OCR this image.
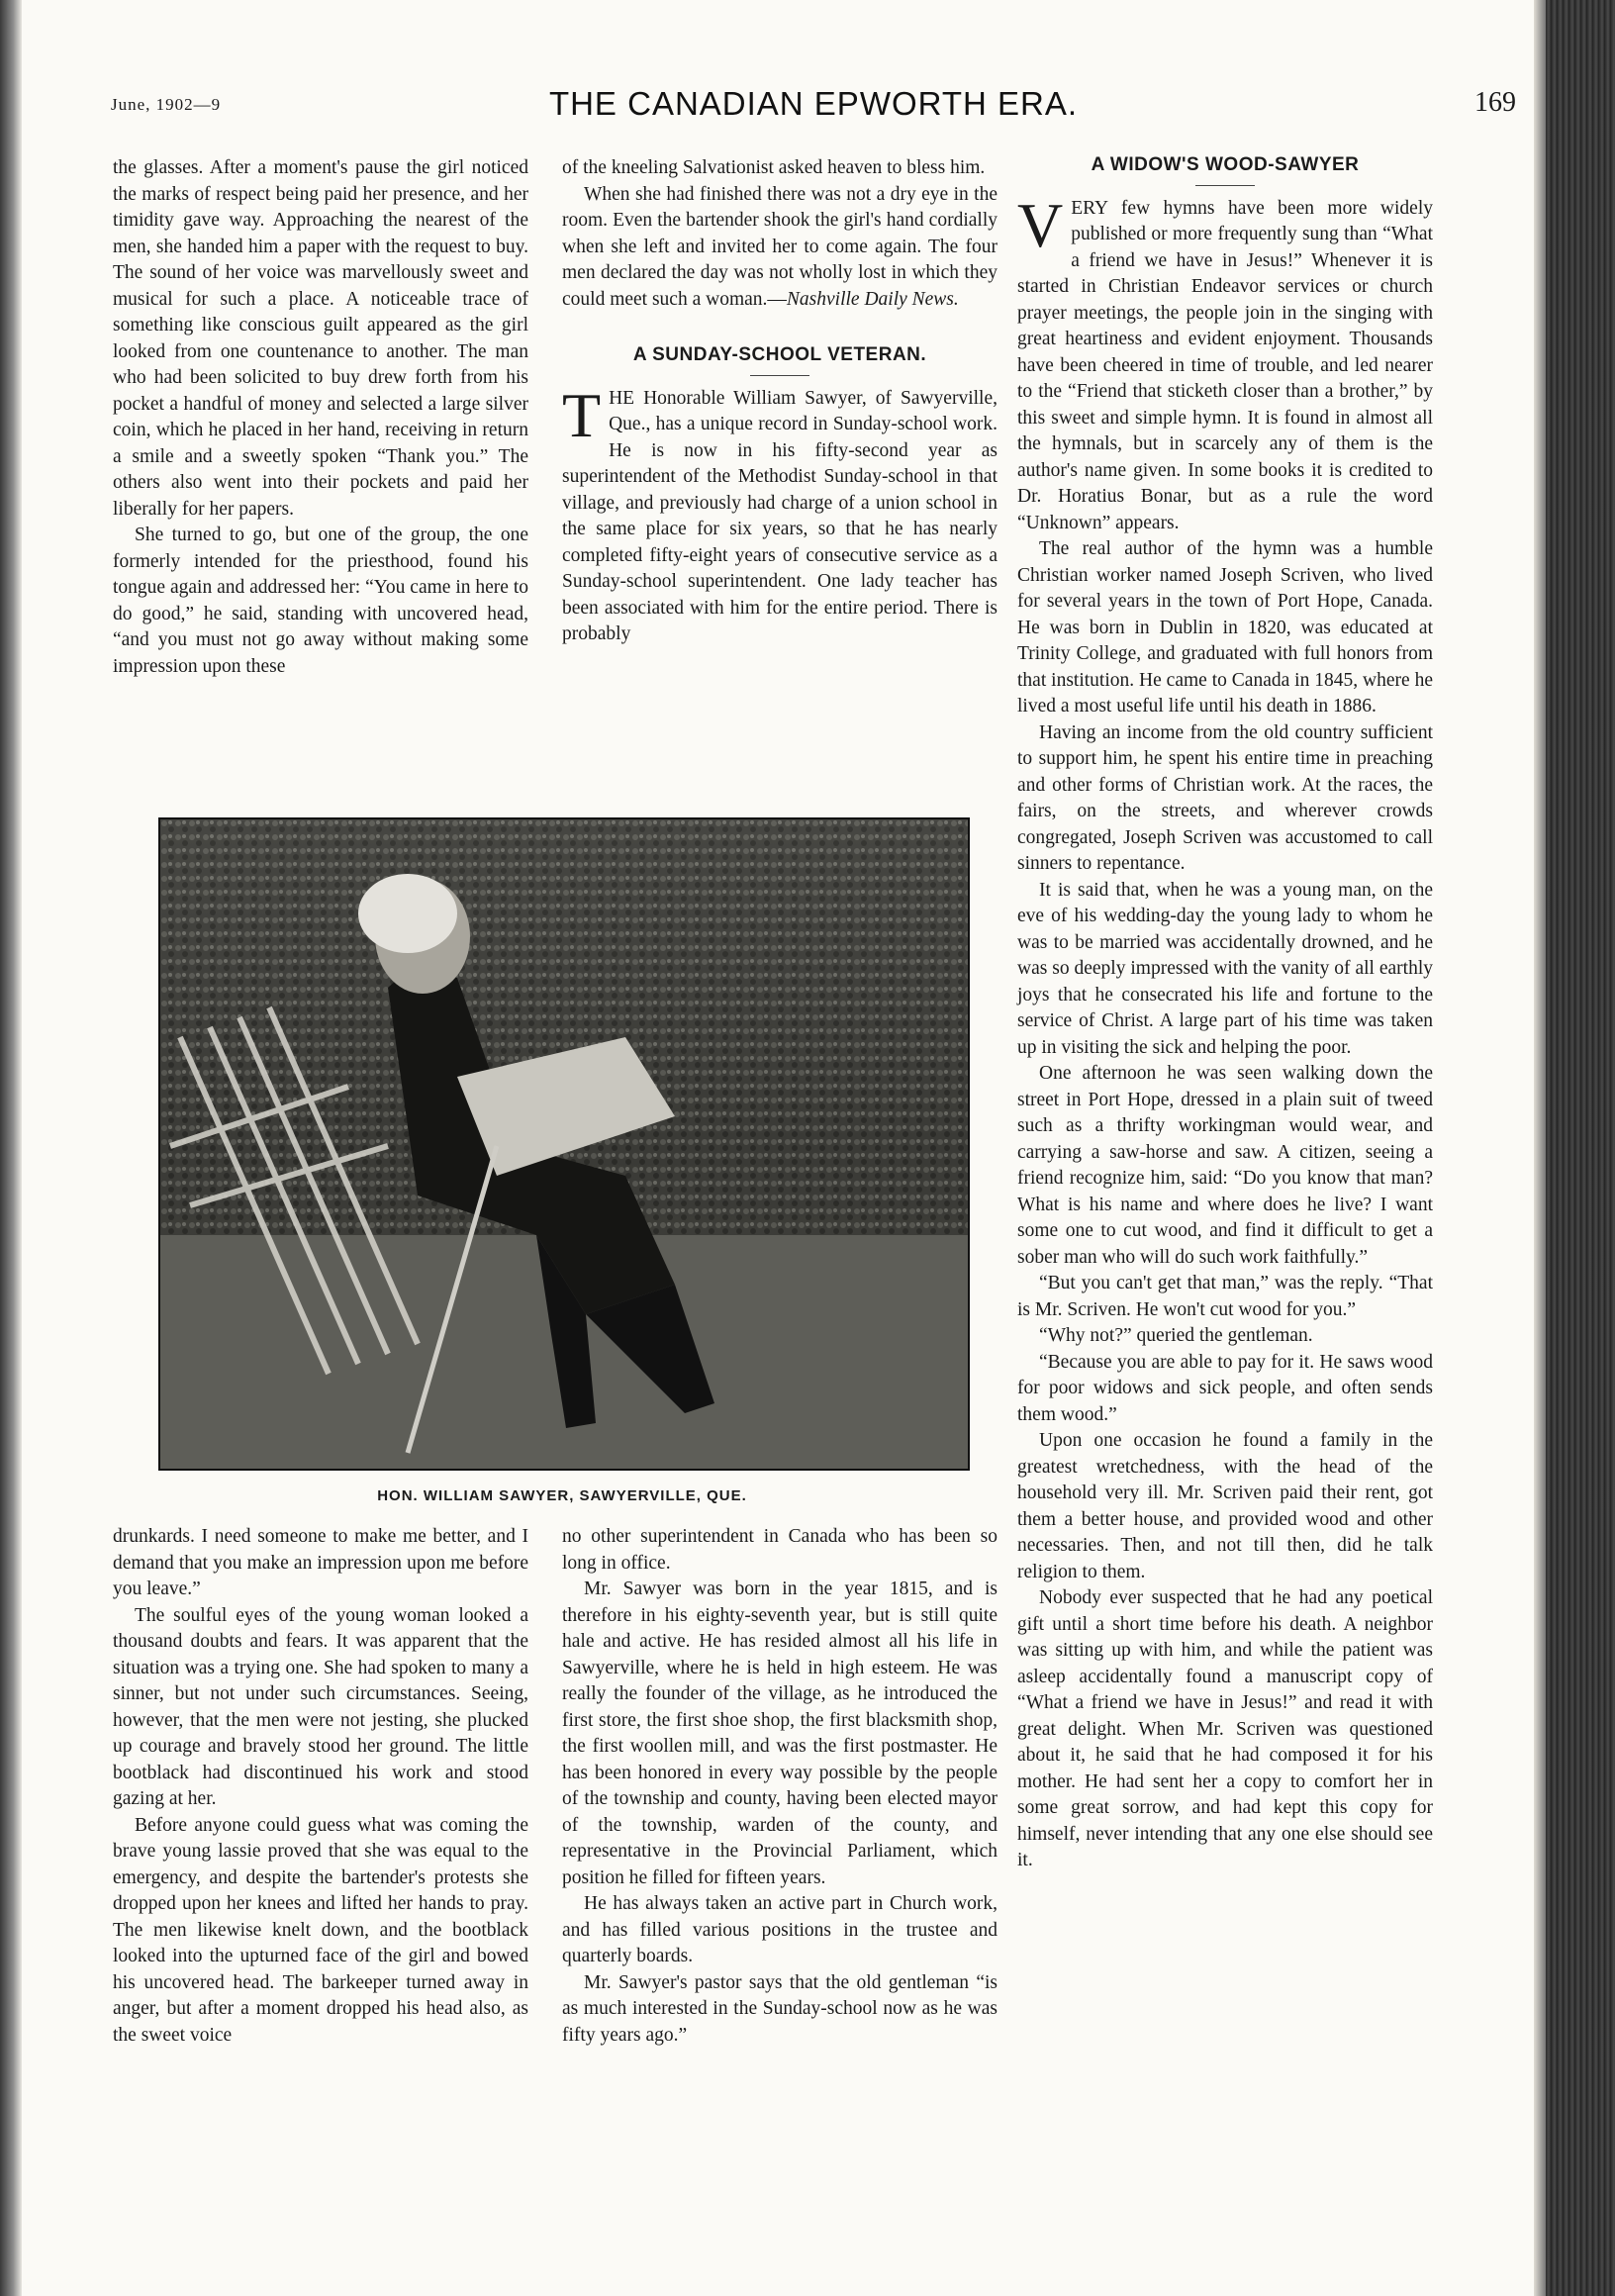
June, 1902—9	THE CANADIAN EPWORTH ERA.	169

the glasses. After a moment's pause the girl noticed the marks of respect being paid her presence, and her timidity gave way. Approaching the nearest of the men, she handed him a paper with the request to buy. The sound of her voice was marvellously sweet and musical for such a place. A noticeable trace of something like conscious guilt appeared as the girl looked from one countenance to another. The man who had been solicited to buy drew forth from his pocket a handful of money and selected a large silver coin, which he placed in her hand, receiving in return a smile and a sweetly spoken “Thank you.” The others also went into their pockets and paid her liberally for her papers.

She turned to go, but one of the group, the one formerly intended for the priesthood, found his tongue again and addressed her: “You came in here to do good,” he said, standing with uncovered head, “and you must not go away without making some impression upon these

of the kneeling Salvationist asked heaven to bless him.

When she had finished there was not a dry eye in the room. Even the bartender shook the girl's hand cordially when she left and invited her to come again. The four men declared the day was not wholly lost in which they could meet such a woman.—Nashville Daily News.

A SUNDAY-SCHOOL VETERAN.

THE Honorable William Sawyer, of Sawyerville, Que., has a unique record in Sunday-school work. He is now in his fifty-second year as superintendent of the Methodist Sunday-school in that village, and previously had charge of a union school in the same place for six years, so that he has nearly completed fifty-eight years of consecutive service as a Sunday-school superintendent. One lady teacher has been associated with him for the entire period. There is probably

HON. WILLIAM SAWYER, SAWYERVILLE, QUE.

drunkards. I need someone to make me better, and I demand that you make an impression upon me before you leave.”

The soulful eyes of the young woman looked a thousand doubts and fears. It was apparent that the situation was a trying one. She had spoken to many a sinner, but not under such circumstances. Seeing, however, that the men were not jesting, she plucked up courage and bravely stood her ground. The little bootblack had discontinued his work and stood gazing at her.

Before anyone could guess what was coming the brave young lassie proved that she was equal to the emergency, and despite the bartender's protests she dropped upon her knees and lifted her hands to pray. The men likewise knelt down, and the bootblack looked into the upturned face of the girl and bowed his uncovered head. The barkeeper turned away in anger, but after a moment dropped his head also, as the sweet voice

no other superintendent in Canada who has been so long in office.

Mr. Sawyer was born in the year 1815, and is therefore in his eighty-seventh year, but is still quite hale and active. He has resided almost all his life in Sawyerville, where he is held in high esteem. He was really the founder of the village, as he introduced the first store, the first shoe shop, the first blacksmith shop, the first woollen mill, and was the first postmaster. He has been honored in every way possible by the people of the township and county, having been elected mayor of the township, warden of the county, and representative in the Provincial Parliament, which position he filled for fifteen years.

He has always taken an active part in Church work, and has filled various positions in the trustee and quarterly boards.

Mr. Sawyer's pastor says that the old gentleman “is as much interested in the Sunday-school now as he was fifty years ago.”

A WIDOW'S WOOD-SAWYER

VERY few hymns have been more widely published or more frequently sung than “What a friend we have in Jesus!” Whenever it is started in Christian Endeavor services or church prayer meetings, the people join in the singing with great heartiness and evident enjoyment. Thousands have been cheered in time of trouble, and led nearer to the “Friend that sticketh closer than a brother,” by this sweet and simple hymn. It is found in almost all the hymnals, but in scarcely any of them is the author's name given. In some books it is credited to Dr. Horatius Bonar, but as a rule the word “Unknown” appears.

The real author of the hymn was a humble Christian worker named Joseph Scriven, who lived for several years in the town of Port Hope, Canada. He was born in Dublin in 1820, was educated at Trinity College, and graduated with full honors from that institution. He came to Canada in 1845, where he lived a most useful life until his death in 1886.

Having an income from the old country sufficient to support him, he spent his entire time in preaching and other forms of Christian work. At the races, the fairs, on the streets, and wherever crowds congregated, Joseph Scriven was accustomed to call sinners to repentance.

It is said that, when he was a young man, on the eve of his wedding-day the young lady to whom he was to be married was accidentally drowned, and he was so deeply impressed with the vanity of all earthly joys that he consecrated his life and fortune to the service of Christ. A large part of his time was taken up in visiting the sick and helping the poor.

One afternoon he was seen walking down the street in Port Hope, dressed in a plain suit of tweed such as a thrifty workingman would wear, and carrying a saw-horse and saw. A citizen, seeing a friend recognize him, said: “Do you know that man? What is his name and where does he live? I want some one to cut wood, and find it difficult to get a sober man who will do such work faithfully.”

“But you can't get that man,” was the reply. “That is Mr. Scriven. He won't cut wood for you.”

“Why not?” queried the gentleman.

“Because you are able to pay for it. He saws wood for poor widows and sick people, and often sends them wood.”

Upon one occasion he found a family in the greatest wretchedness, with the head of the household very ill. Mr. Scriven paid their rent, got them a better house, and provided wood and other necessaries. Then, and not till then, did he talk religion to them.

Nobody ever suspected that he had any poetical gift until a short time before his death. A neighbor was sitting up with him, and while the patient was asleep accidentally found a manuscript copy of “What a friend we have in Jesus!” and read it with great delight. When Mr. Scriven was questioned about it, he said that he had composed it for his mother. He had sent her a copy to comfort her in some great sorrow, and had kept this copy for himself, never intending that any one else should see it.
